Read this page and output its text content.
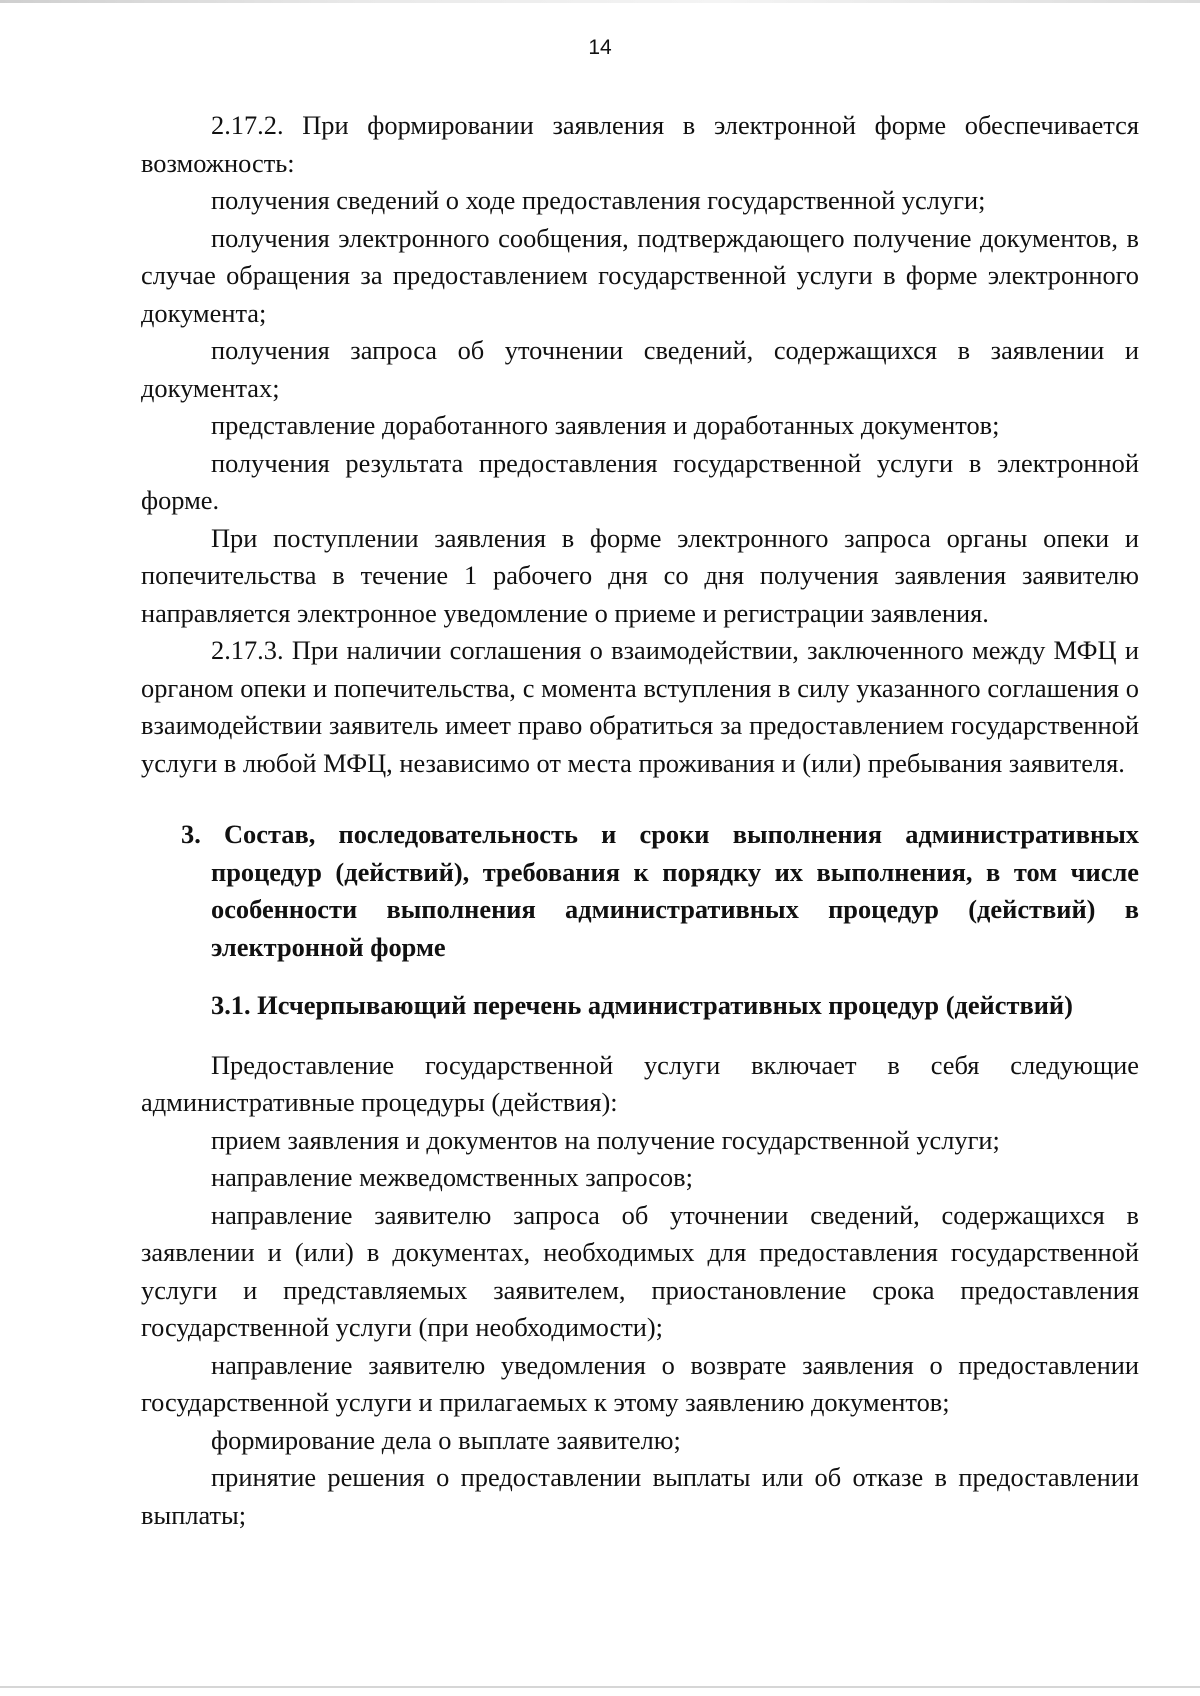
14

2.17.2. При формировании заявления в электронной форме обеспечивается возможность:

получения сведений о ходе предоставления государственной услуги;

получения электронного сообщения, подтверждающего получение документов, в случае обращения за предоставлением государственной услуги в форме электронного документа;

получения запроса об уточнении сведений, содержащихся в заявлении и документах;

представление доработанного заявления и доработанных документов;

получения результата предоставления государственной услуги в электронной форме.

При поступлении заявления в форме электронного запроса органы опеки и попечительства в течение 1 рабочего дня со дня получения заявления заявителю направляется электронное уведомление о приеме и регистрации заявления.

2.17.3. При наличии соглашения о взаимодействии, заключенного между МФЦ и органом опеки и попечительства, с момента вступления в силу указанного соглашения о взаимодействии заявитель имеет право обратиться за предоставлением государственной услуги в любой МФЦ, независимо от места проживания и (или) пребывания заявителя.

3. Состав, последовательность и сроки выполнения административных процедур (действий), требования к порядку их выполнения, в том числе особенности выполнения административных процедур (действий) в электронной форме

3.1. Исчерпывающий перечень административных процедур (действий)

Предоставление государственной услуги включает в себя следующие административные процедуры (действия):

прием заявления и документов на получение государственной услуги;

направление межведомственных запросов;

направление заявителю запроса об уточнении сведений, содержащихся в заявлении и (или) в документах, необходимых для предоставления государственной услуги и представляемых заявителем, приостановление срока предоставления государственной услуги (при необходимости);

направление заявителю уведомления о возврате заявления о предоставлении государственной услуги и прилагаемых к этому заявлению документов;

формирование дела о выплате заявителю;

принятие решения о предоставлении выплаты или об отказе в предоставлении выплаты;
